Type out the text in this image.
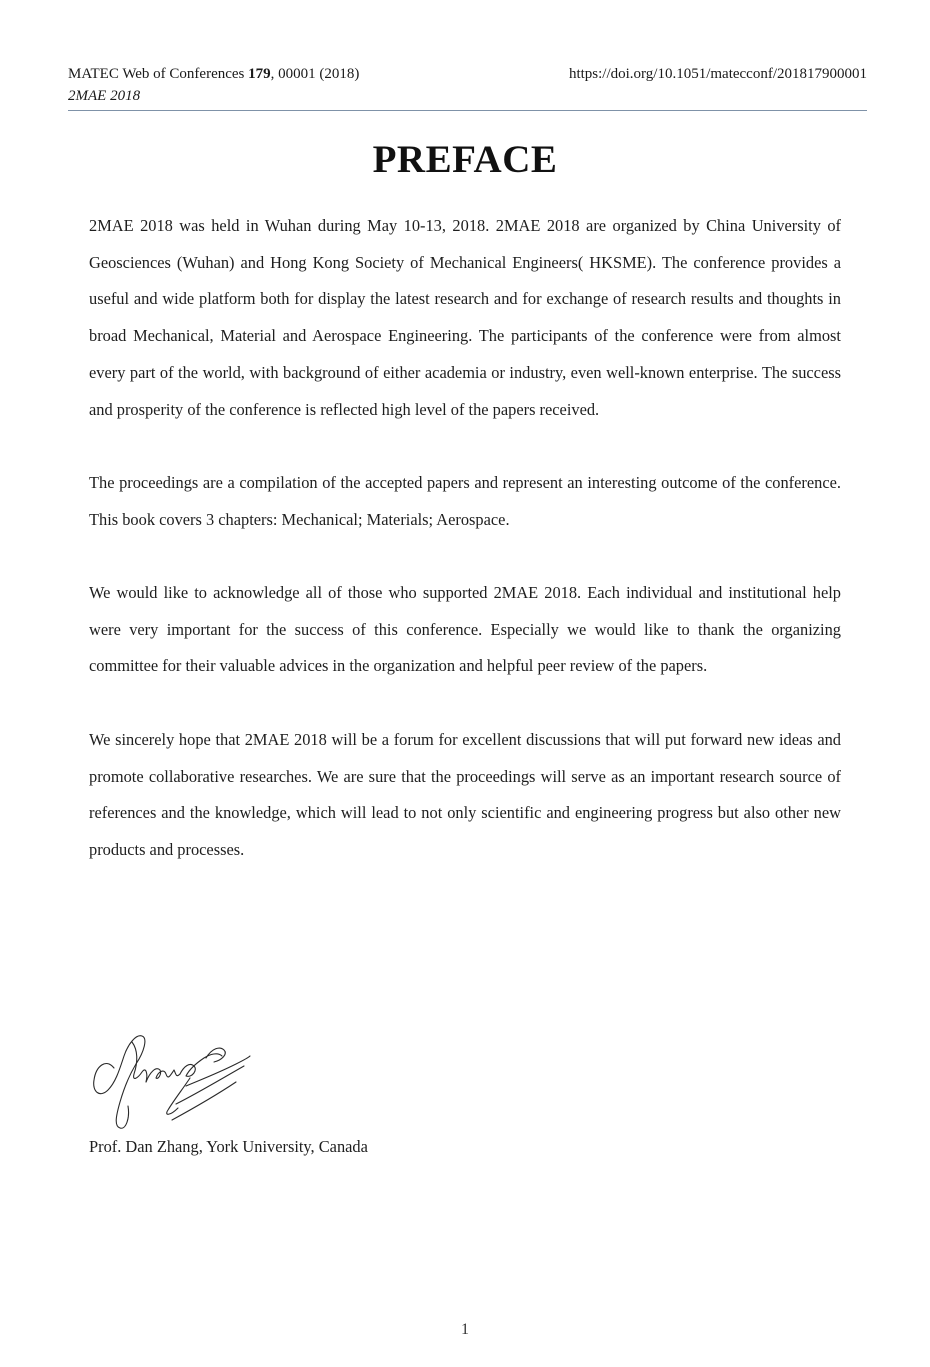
MATEC Web of Conferences 179, 00001 (2018)	https://doi.org/10.1051/matecconf/201817900001
2MAE 2018
PREFACE

2MAE 2018 was held in Wuhan during May 10-13, 2018. 2MAE 2018 are organized by China University of Geosciences (Wuhan) and Hong Kong Society of Mechanical Engineers( HKSME). The conference provides a useful and wide platform both for display the latest research and for exchange of research results and thoughts in broad Mechanical, Material and Aerospace Engineering. The participants of the conference were from almost every part of the world, with background of either academia or industry, even well-known enterprise. The success and prosperity of the conference is reflected high level of the papers received.

The proceedings are a compilation of the accepted papers and represent an interesting outcome of the conference. This book covers 3 chapters: Mechanical; Materials; Aerospace.

We would like to acknowledge all of those who supported 2MAE 2018. Each individual and institutional help were very important for the success of this conference. Especially we would like to thank the organizing committee for their valuable advices in the organization and helpful peer review of the papers.

We sincerely hope that 2MAE 2018 will be a forum for excellent discussions that will put forward new ideas and promote collaborative researches. We are sure that the proceedings will serve as an important research source of references and the knowledge, which will lead to not only scientific and engineering progress but also other new products and processes.

Prof. Dan Zhang, York University, Canada
1
